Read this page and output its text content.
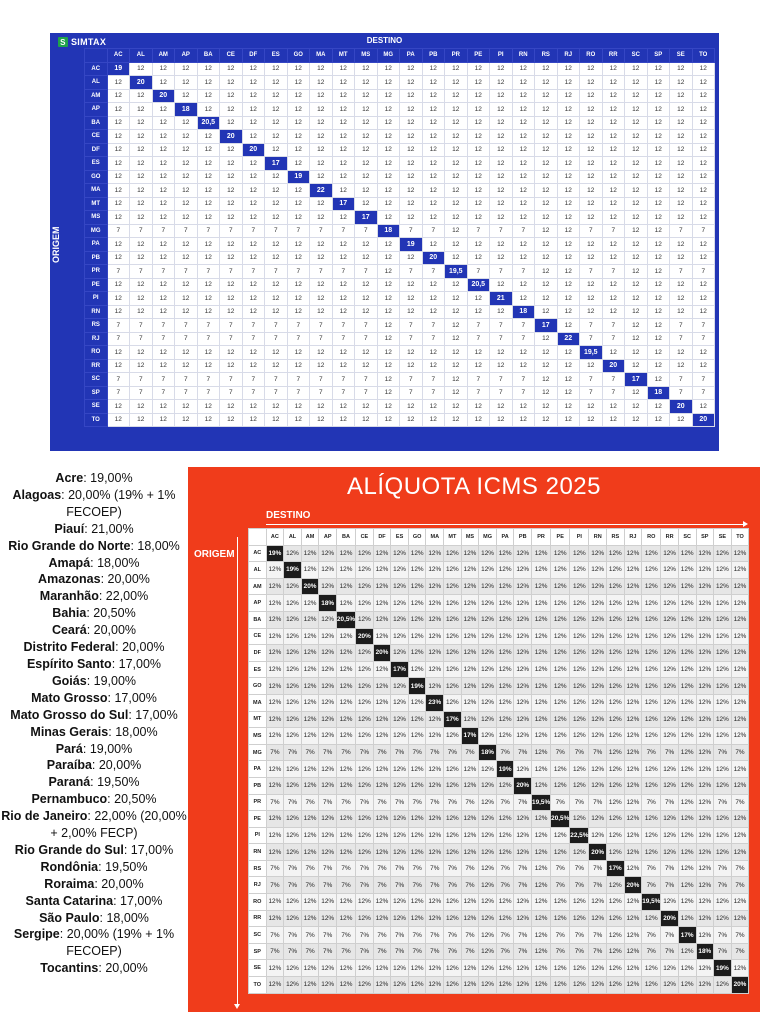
S SIMTAX	DESTINO
ORIGEM
	AC	AL	AM	AP	BA	CE	DF	ES	GO	MA	MT	MS	MG	PA	PB	PR	PE	PI	RN	RS	RJ	RO	RR	SC	SP	SE	TO
AC	19	12	12	12	12	12	12	12	12	12	12	12	12	12	12	12	12	12	12	12	12	12	12	12	12	12	12
AL	12	20	12	12	12	12	12	12	12	12	12	12	12	12	12	12	12	12	12	12	12	12	12	12	12	12	12
AM	12	12	20	12	12	12	12	12	12	12	12	12	12	12	12	12	12	12	12	12	12	12	12	12	12	12	12
AP	12	12	12	18	12	12	12	12	12	12	12	12	12	12	12	12	12	12	12	12	12	12	12	12	12	12	12
BA	12	12	12	12	20,5	12	12	12	12	12	12	12	12	12	12	12	12	12	12	12	12	12	12	12	12	12	12
CE	12	12	12	12	12	20	12	12	12	12	12	12	12	12	12	12	12	12	12	12	12	12	12	12	12	12	12
DF	12	12	12	12	12	12	20	12	12	12	12	12	12	12	12	12	12	12	12	12	12	12	12	12	12	12	12
ES	12	12	12	12	12	12	12	17	12	12	12	12	12	12	12	12	12	12	12	12	12	12	12	12	12	12	12
GO	12	12	12	12	12	12	12	12	19	12	12	12	12	12	12	12	12	12	12	12	12	12	12	12	12	12	12
MA	12	12	12	12	12	12	12	12	12	22	12	12	12	12	12	12	12	12	12	12	12	12	12	12	12	12	12
MT	12	12	12	12	12	12	12	12	12	12	17	12	12	12	12	12	12	12	12	12	12	12	12	12	12	12	12
MS	12	12	12	12	12	12	12	12	12	12	12	17	12	12	12	12	12	12	12	12	12	12	12	12	12	12	12
MG	7	7	7	7	7	7	7	7	7	7	7	7	18	7	7	12	7	7	7	12	12	7	7	12	12	7	7
PA	12	12	12	12	12	12	12	12	12	12	12	12	12	19	12	12	12	12	12	12	12	12	12	12	12	12	12
PB	12	12	12	12	12	12	12	12	12	12	12	12	12	12	20	12	12	12	12	12	12	12	12	12	12	12	12
PR	7	7	7	7	7	7	7	7	7	7	7	7	12	7	7	19,5	7	7	7	12	12	7	7	12	12	7	7
PE	12	12	12	12	12	12	12	12	12	12	12	12	12	12	12	12	20,5	12	12	12	12	12	12	12	12	12	12
PI	12	12	12	12	12	12	12	12	12	12	12	12	12	12	12	12	12	21	12	12	12	12	12	12	12	12	12
RN	12	12	12	12	12	12	12	12	12	12	12	12	12	12	12	12	12	12	18	12	12	12	12	12	12	12	12
RS	7	7	7	7	7	7	7	7	7	7	7	7	12	7	7	12	7	7	7	17	12	7	7	12	12	7	7
RJ	7	7	7	7	7	7	7	7	7	7	7	7	12	7	7	12	7	7	7	12	22	7	7	12	12	7	7
RO	12	12	12	12	12	12	12	12	12	12	12	12	12	12	12	12	12	12	12	12	12	19,5	12	12	12	12	12
RR	12	12	12	12	12	12	12	12	12	12	12	12	12	12	12	12	12	12	12	12	12	12	20	12	12	12	12
SC	7	7	7	7	7	7	7	7	7	7	7	7	12	7	7	12	7	7	7	12	12	7	7	17	12	7	7
SP	7	7	7	7	7	7	7	7	7	7	7	7	12	7	7	12	7	7	7	12	12	7	7	12	18	7	7
SE	12	12	12	12	12	12	12	12	12	12	12	12	12	12	12	12	12	12	12	12	12	12	12	12	12	20	12
TO	12	12	12	12	12	12	12	12	12	12	12	12	12	12	12	12	12	12	12	12	12	12	12	12	12	12	20
Acre: 19,00%
Alagoas: 20,00% (19% + 1% FECOEP)
Piauí: 21,00%
Rio Grande do Norte: 18,00%
Amapá: 18,00%
Amazonas: 20,00%
Maranhão: 22,00%
Bahia: 20,50%
Ceará: 20,00%
Distrito Federal: 20,00%
Espírito Santo: 17,00%
Goiás: 19,00%
Mato Grosso: 17,00%
Mato Grosso do Sul: 17,00%
Minas Gerais: 18,00%
Pará: 19,00%
Paraíba: 20,00%
Paraná: 19,50%
Pernambuco: 20,50%
Rio de Janeiro: 22,00% (20,00% + 2,00% FECP)
Rio Grande do Sul: 17,00%
Rondônia: 19,50%
Roraima: 20,00%
Santa Catarina: 17,00%
São Paulo: 18,00%
Sergipe: 20,00% (19% + 1% FECOEP)
Tocantins: 20,00%
ALÍQUOTA ICMS 2025
DESTINO
ORIGEM
	AC	AL	AM	AP	BA	CE	DF	ES	GO	MA	MT	MS	MG	PA	PB	PR	PE	PI	RN	RS	RJ	RO	RR	SC	SP	SE	TO
AC	19%	12%	12%	12%	12%	12%	12%	12%	12%	12%	12%	12%	12%	12%	12%	12%	12%	12%	12%	12%	12%	12%	12%	12%	12%	12%	12%
AL	12%	19%	12%	12%	12%	12%	12%	12%	12%	12%	12%	12%	12%	12%	12%	12%	12%	12%	12%	12%	12%	12%	12%	12%	12%	12%	12%
AM	12%	12%	20%	12%	12%	12%	12%	12%	12%	12%	12%	12%	12%	12%	12%	12%	12%	12%	12%	12%	12%	12%	12%	12%	12%	12%	12%
AP	12%	12%	12%	18%	12%	12%	12%	12%	12%	12%	12%	12%	12%	12%	12%	12%	12%	12%	12%	12%	12%	12%	12%	12%	12%	12%	12%
BA	12%	12%	12%	12%	20,5%	12%	12%	12%	12%	12%	12%	12%	12%	12%	12%	12%	12%	12%	12%	12%	12%	12%	12%	12%	12%	12%	12%
CE	12%	12%	12%	12%	12%	20%	12%	12%	12%	12%	12%	12%	12%	12%	12%	12%	12%	12%	12%	12%	12%	12%	12%	12%	12%	12%	12%
DF	12%	12%	12%	12%	12%	12%	20%	12%	12%	12%	12%	12%	12%	12%	12%	12%	12%	12%	12%	12%	12%	12%	12%	12%	12%	12%	12%
ES	12%	12%	12%	12%	12%	12%	12%	17%	12%	12%	12%	12%	12%	12%	12%	12%	12%	12%	12%	12%	12%	12%	12%	12%	12%	12%	12%
GO	12%	12%	12%	12%	12%	12%	12%	12%	19%	12%	12%	12%	12%	12%	12%	12%	12%	12%	12%	12%	12%	12%	12%	12%	12%	12%	12%
MA	12%	12%	12%	12%	12%	12%	12%	12%	12%	23%	12%	12%	12%	12%	12%	12%	12%	12%	12%	12%	12%	12%	12%	12%	12%	12%	12%
MT	12%	12%	12%	12%	12%	12%	12%	12%	12%	12%	17%	12%	12%	12%	12%	12%	12%	12%	12%	12%	12%	12%	12%	12%	12%	12%	12%
MS	12%	12%	12%	12%	12%	12%	12%	12%	12%	12%	12%	17%	12%	12%	12%	12%	12%	12%	12%	12%	12%	12%	12%	12%	12%	12%	12%
MG	7%	7%	7%	7%	7%	7%	7%	7%	7%	7%	7%	7%	18%	7%	7%	12%	7%	7%	7%	12%	12%	7%	7%	12%	12%	7%	7%
PA	12%	12%	12%	12%	12%	12%	12%	12%	12%	12%	12%	12%	12%	19%	12%	12%	12%	12%	12%	12%	12%	12%	12%	12%	12%	12%	12%
PB	12%	12%	12%	12%	12%	12%	12%	12%	12%	12%	12%	12%	12%	12%	20%	12%	12%	12%	12%	12%	12%	12%	12%	12%	12%	12%	12%
PR	7%	7%	7%	7%	7%	7%	7%	7%	7%	7%	7%	7%	12%	7%	7%	19,5%	7%	7%	7%	12%	12%	7%	7%	12%	12%	7%	7%
PE	12%	12%	12%	12%	12%	12%	12%	12%	12%	12%	12%	12%	12%	12%	12%	12%	20,5%	12%	12%	12%	12%	12%	12%	12%	12%	12%	12%
PI	12%	12%	12%	12%	12%	12%	12%	12%	12%	12%	12%	12%	12%	12%	12%	12%	12%	22,5%	12%	12%	12%	12%	12%	12%	12%	12%	12%
RN	12%	12%	12%	12%	12%	12%	12%	12%	12%	12%	12%	12%	12%	12%	12%	12%	12%	12%	20%	12%	12%	12%	12%	12%	12%	12%	12%
RS	7%	7%	7%	7%	7%	7%	7%	7%	7%	7%	7%	7%	12%	7%	7%	12%	7%	7%	7%	17%	12%	7%	7%	12%	12%	7%	7%
RJ	7%	7%	7%	7%	7%	7%	7%	7%	7%	7%	7%	7%	12%	7%	7%	12%	7%	7%	7%	12%	20%	7%	7%	12%	12%	7%	7%
RO	12%	12%	12%	12%	12%	12%	12%	12%	12%	12%	12%	12%	12%	12%	12%	12%	12%	12%	12%	12%	12%	19,5%	12%	12%	12%	12%	12%
RR	12%	12%	12%	12%	12%	12%	12%	12%	12%	12%	12%	12%	12%	12%	12%	12%	12%	12%	12%	12%	12%	12%	20%	12%	12%	12%	12%
SC	7%	7%	7%	7%	7%	7%	7%	7%	7%	7%	7%	7%	12%	7%	7%	12%	7%	7%	7%	12%	12%	7%	7%	17%	12%	7%	7%
SP	7%	7%	7%	7%	7%	7%	7%	7%	7%	7%	7%	7%	12%	7%	7%	12%	7%	7%	7%	12%	12%	7%	7%	12%	18%	7%	7%
SE	12%	12%	12%	12%	12%	12%	12%	12%	12%	12%	12%	12%	12%	12%	12%	12%	12%	12%	12%	12%	12%	12%	12%	12%	12%	19%	12%
TO	12%	12%	12%	12%	12%	12%	12%	12%	12%	12%	12%	12%	12%	12%	12%	12%	12%	12%	12%	12%	12%	12%	12%	12%	12%	12%	20%
